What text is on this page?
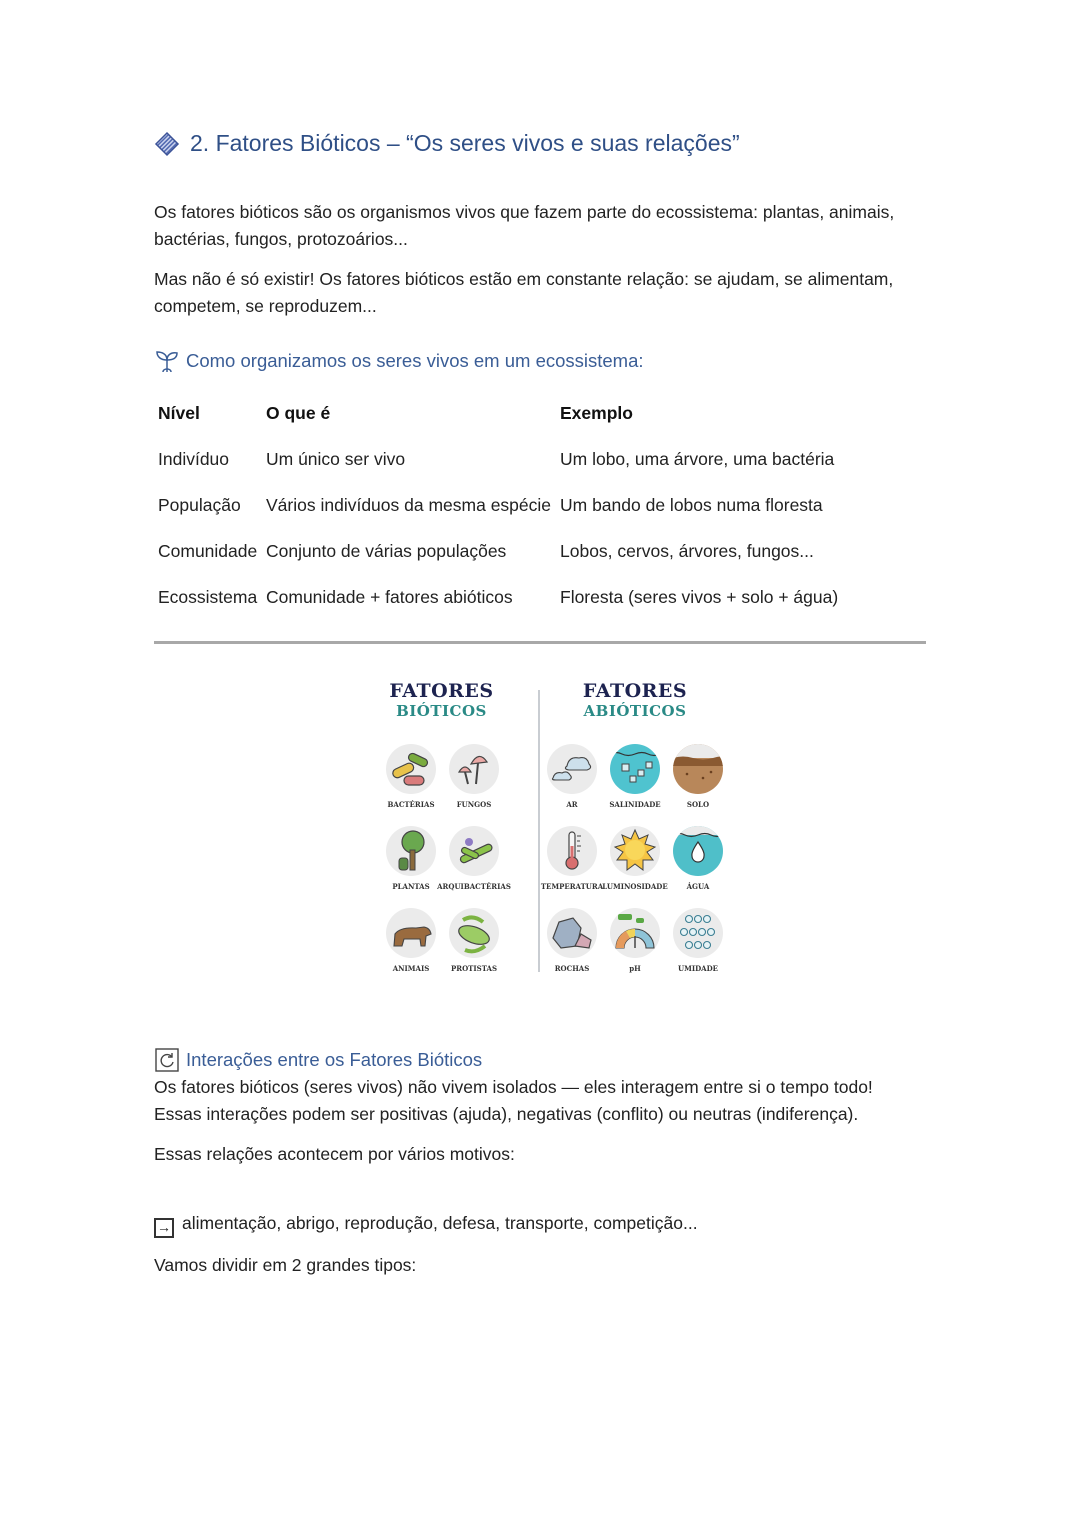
2. Fatores Bióticos – “Os seres vivos e suas relações”

Os fatores bióticos são os organismos vivos que fazem parte do ecossistema: plantas, animais, bactérias, fungos, protozoários...

Mas não é só existir! Os fatores bióticos estão em constante relação: se ajudam, se alimentam, competem, se reproduzem...

Como organizamos os seres vivos em um ecossistema:
Nível	O que é	Exemplo
Indivíduo	Um único ser vivo	Um lobo, uma árvore, uma bactéria
População	Vários indivíduos da mesma espécie	Um bando de lobos numa floresta
Comunidade	Conjunto de várias populações	Lobos, cervos, árvores, fungos...
Ecossistema	Comunidade + fatores abióticos	Floresta (seres vivos + solo + água)
FATORES
BIÓTICOS
FATORES
ABIÓTICOS
BACTÉRIAS	FUNGOS
PLANTAS	ARQUIBACTÉRIAS
ANIMAIS	PROTISTAS
AR	SALINIDADE	SOLO
TEMPERATURA LUMINOSIDADE	ÁGUA
ROCHAS	pH	UMIDADE
Interações entre os Fatores Bióticos

Os fatores bióticos (seres vivos) não vivem isolados — eles interagem entre si o tempo todo!

Essas interações podem ser positivas (ajuda), negativas (conflito) ou neutras (indiferença).

Essas relações acontecem por vários motivos:

→ alimentação, abrigo, reprodução, defesa, transporte, competição...

Vamos dividir em 2 grandes tipos:
